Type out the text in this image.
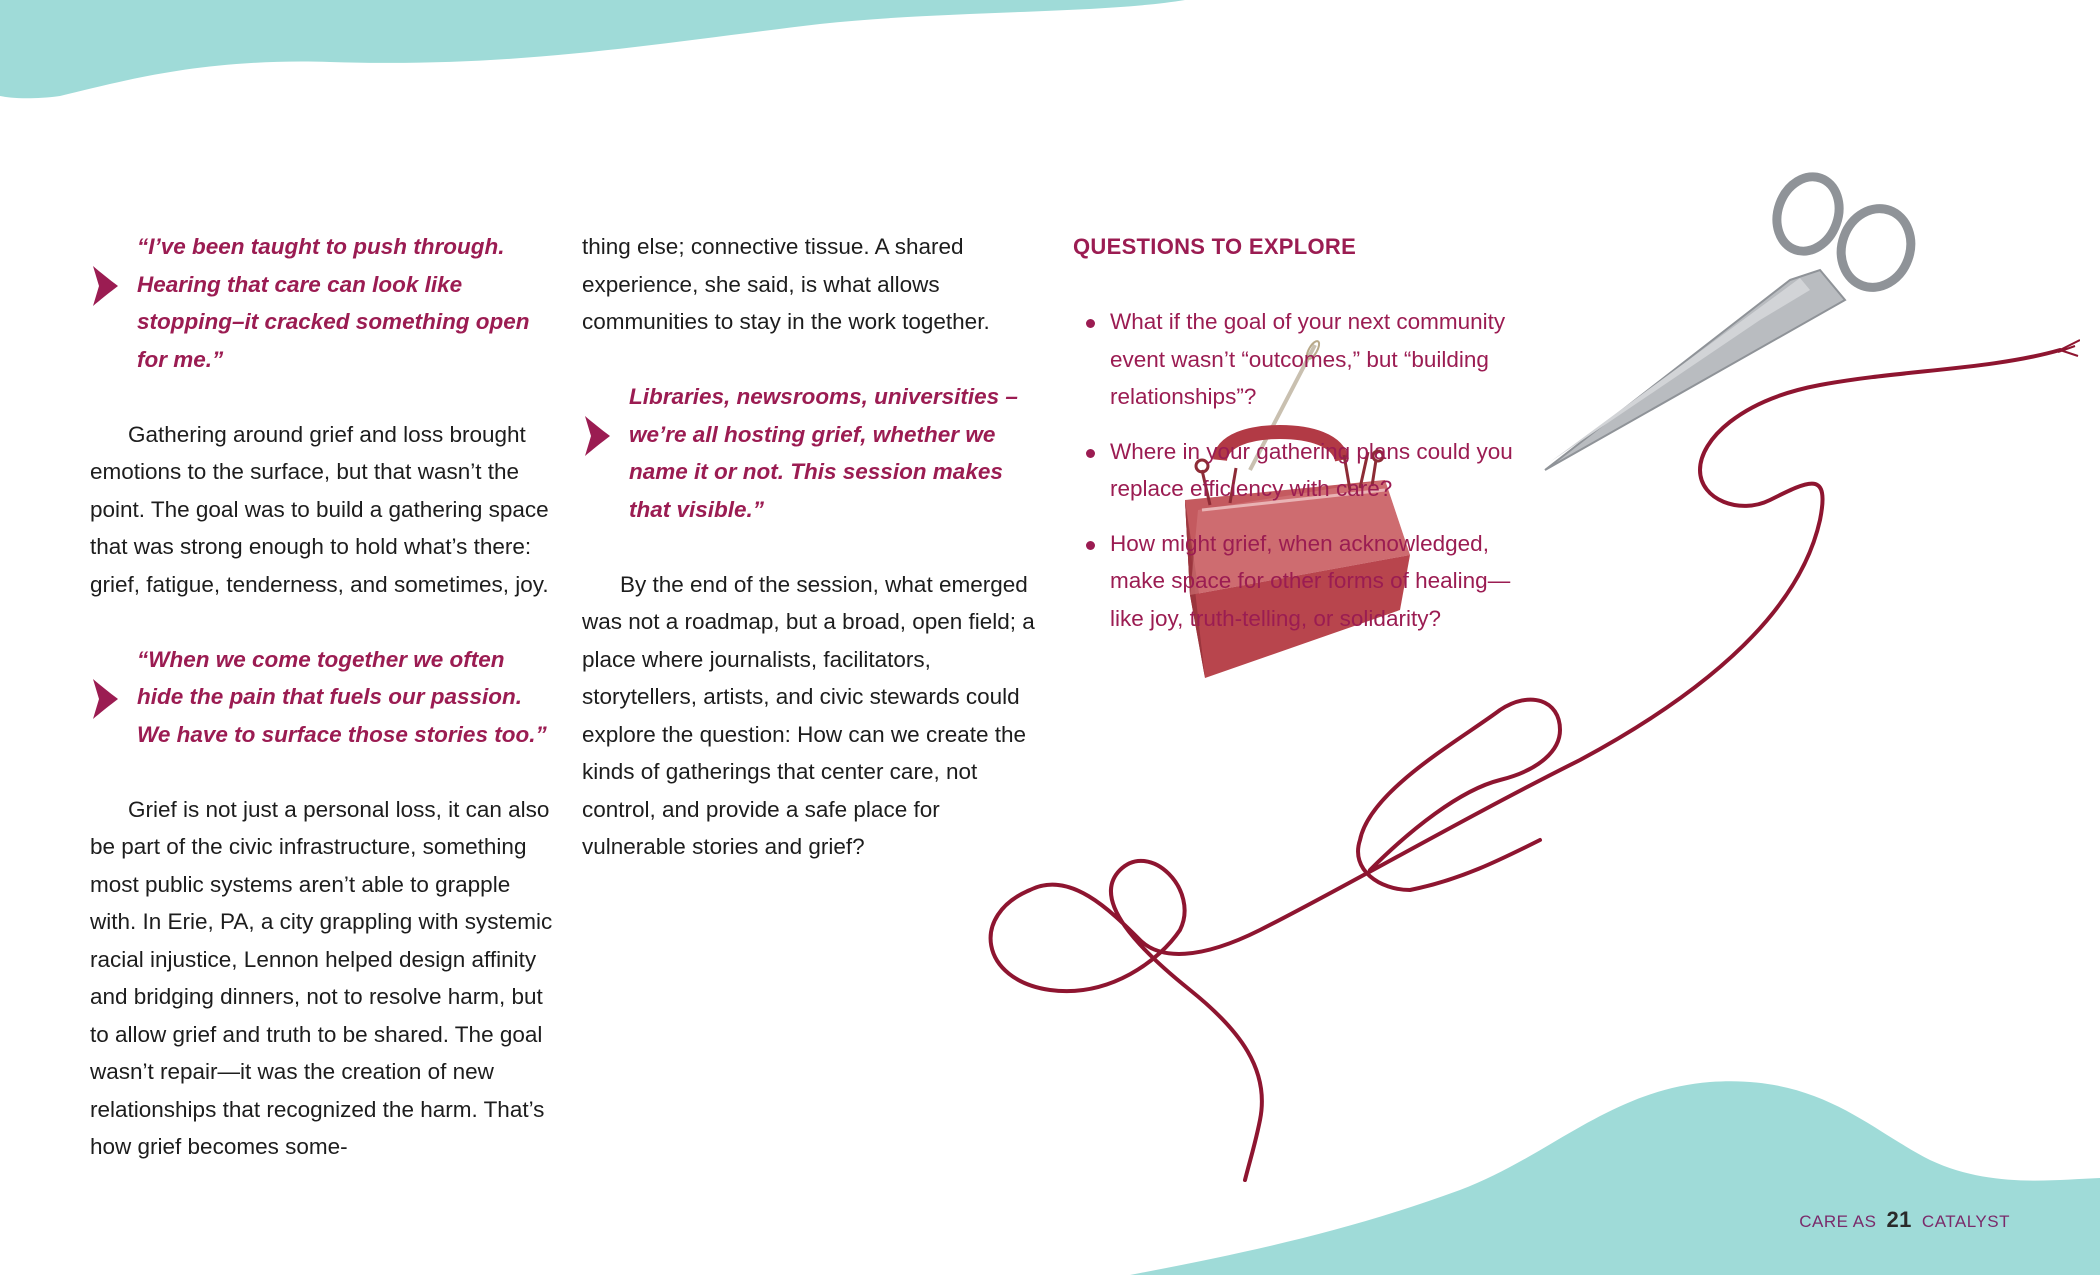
“I’ve been taught to push through. Hearing that care can look like stopping–it cracked something open for me.”

Gathering around grief and loss brought emotions to the surface, but that wasn’t the point. The goal was to build a gathering space that was strong enough to hold what’s there: grief, fatigue, tenderness, and sometimes, joy.

“When we come together we often hide the pain that fuels our passion. We have to surface those stories too.”

Grief is not just a personal loss, it can also be part of the civic infrastructure, something most public systems aren’t able to grapple with. In Erie, PA, a city grappling with systemic racial injustice, Lennon helped design affinity and bridging dinners, not to resolve harm, but to allow grief and truth to be shared. The goal wasn’t repair—it was the creation of new relationships that recognized the harm. That’s how grief becomes some-

thing else; connective tissue. A shared experience, she said, is what allows communities to stay in the work together.

Libraries, newsrooms, universities –we’re all hosting grief, whether we name it or not. This session makes that visible.”

By the end of the session, what emerged was not a roadmap, but a broad, open field; a place where journalists, facilitators, storytellers, artists, and civic stewards could explore the question: How can we create the kinds of gatherings that center care, not control, and provide a safe place for vulnerable stories and grief?

QUESTIONS TO EXPLORE

What if the goal of your next community event wasn’t “outcomes,” but “building relationships”?
Where in your gathering plans could you replace efficiency with care?
How might grief, when acknowledged, make space for other forms of healing—like joy, truth-telling, or solidarity?
CARE AS 21 CATALYST
